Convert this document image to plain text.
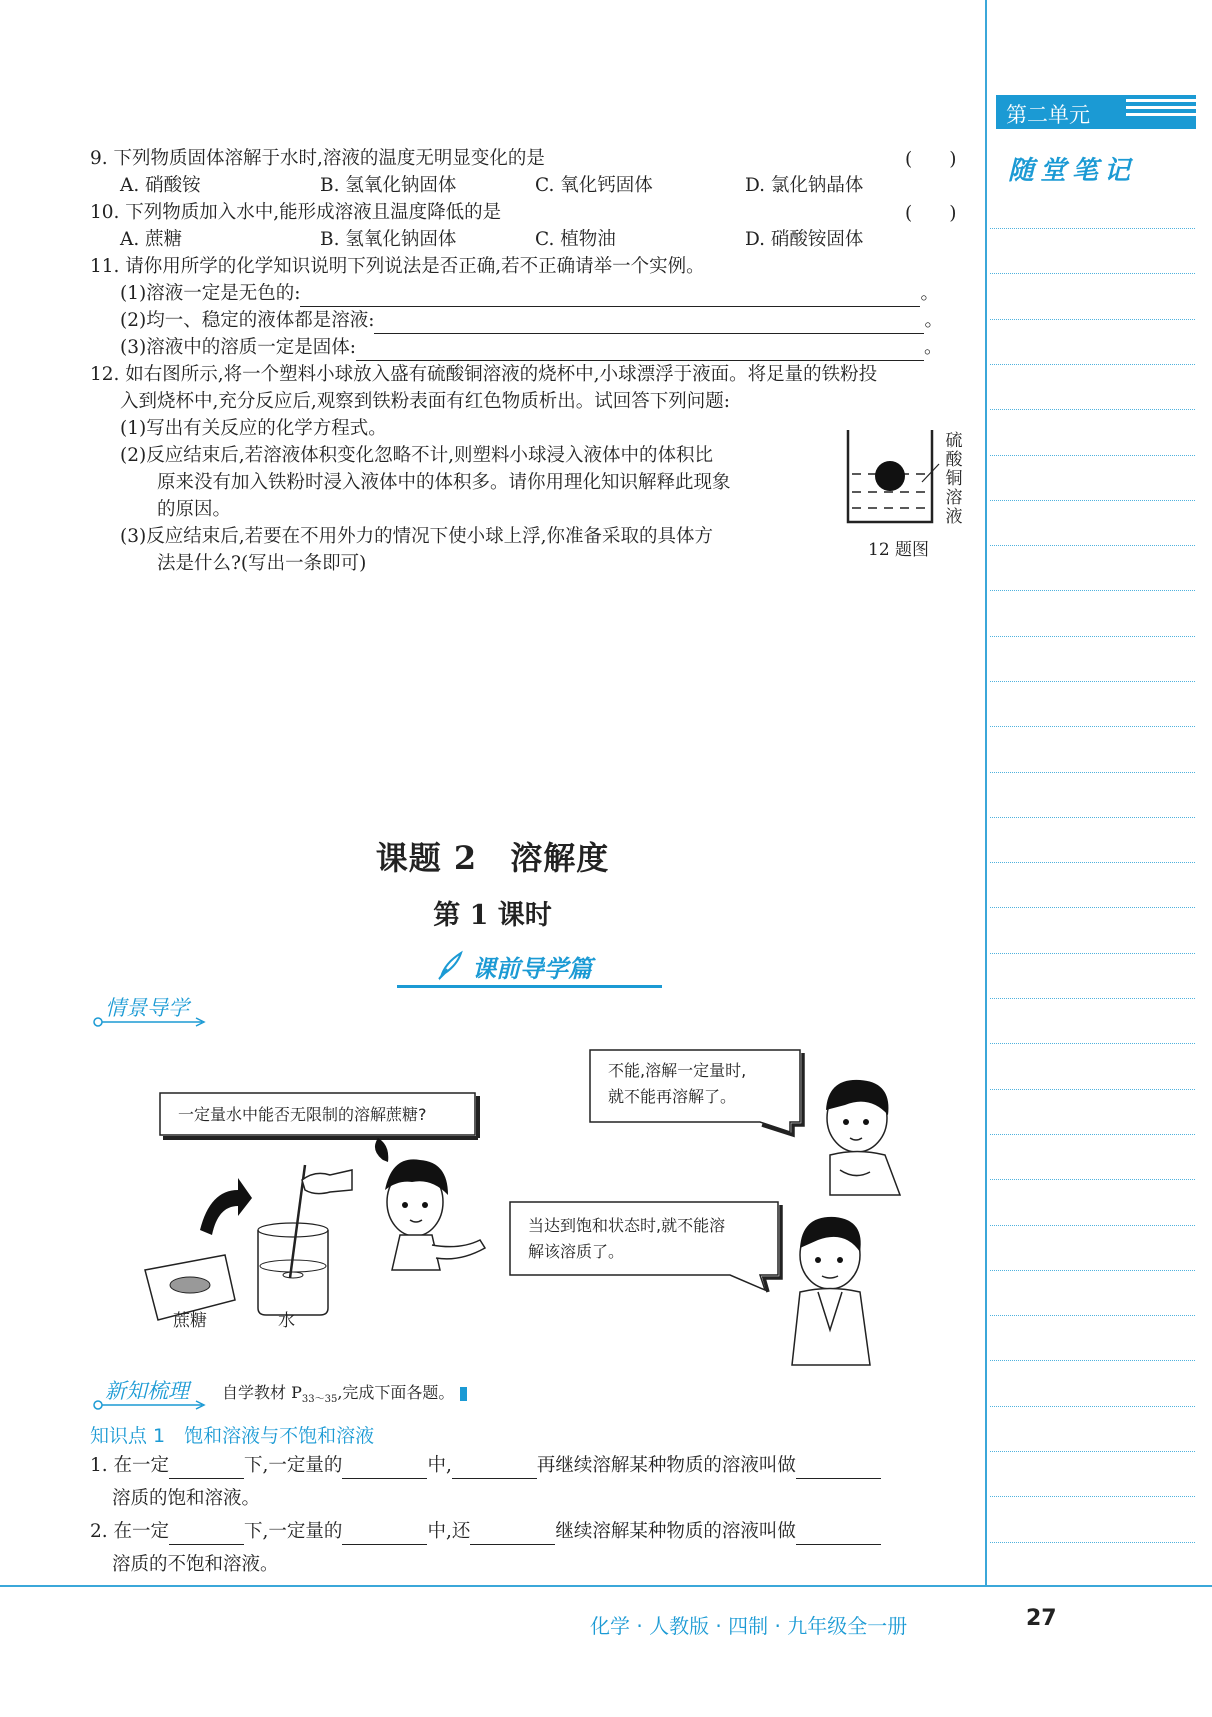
第二单元
随堂笔记
9. 下列物质固体溶解于水时,溶液的温度无明显变化的是	(　　)
A. 硝酸铵	B. 氢氧化钠固体	C. 氧化钙固体	D. 氯化钠晶体
10. 下列物质加入水中,能形成溶液且温度降低的是	(　　)
A. 蔗糖	B. 氢氧化钠固体	C. 植物油	D. 硝酸铵固体
11. 请你用所学的化学知识说明下列说法是否正确,若不正确请举一个实例。
(1)溶液一定是无色的:	。
(2)均一、稳定的液体都是溶液:	。
(3)溶液中的溶质一定是固体:	。
12. 如右图所示,将一个塑料小球放入盛有硫酸铜溶液的烧杯中,小球漂浮于液面。将足量的铁粉投
入到烧杯中,充分反应后,观察到铁粉表面有红色物质析出。试回答下列问题:
(1)写出有关反应的化学方程式。
(2)反应结束后,若溶液体积变化忽略不计,则塑料小球浸入液体中的体积比
原来没有加入铁粉时浸入液体中的体积多。请你用理化知识解释此现象
的原因。
(3)反应结束后,若要在不用外力的情况下使小球上浮,你准备采取的具体方
法是什么?(写出一条即可)
硫酸铜溶液
12 题图
课题 2　溶解度
第 1 课时
课前导学篇
情景导学
一定量水中能否无限制的溶解蔗糖?
不能,溶解一定量时,
就不能再溶解了。
当达到饱和状态时,就不能溶
解该溶质了。
蔗糖	水
新知梳理 自学教材 $P_{33\sim 35}$,完成下面各题。
知识点 1　饱和溶液与不饱和溶液
1. 在一定	下,一定量的	中,	再继续溶解某种物质的溶液叫做
溶质的饱和溶液。
2. 在一定	下,一定量的	中,还	继续溶解某种物质的溶液叫做
溶质的不饱和溶液。
化学 · 人教版 · 四制 · 九年级全一册	27
